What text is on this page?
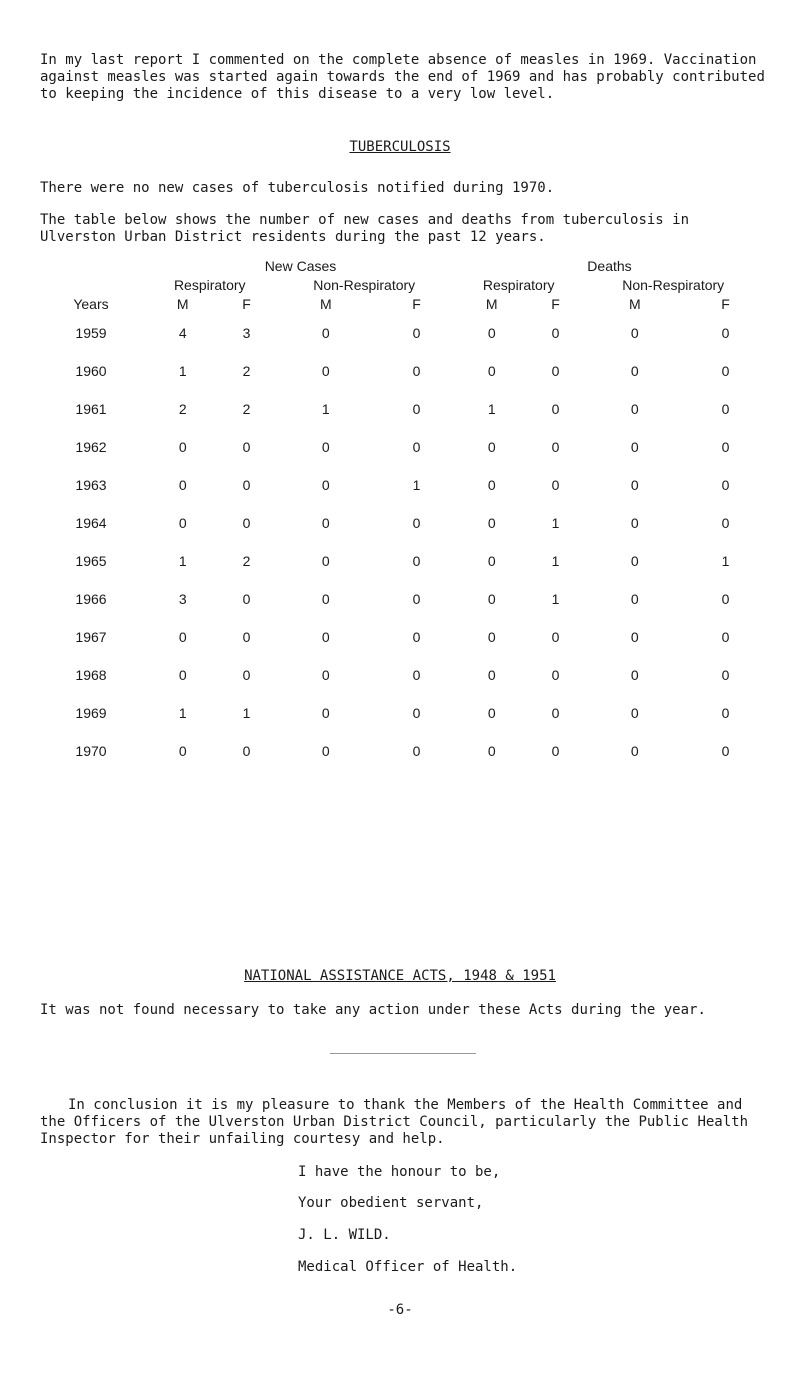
In my last report I commented on the complete absence of measles in 1969. Vaccination against measles was started again towards the end of 1969 and has probably contributed to keeping the incidence of this disease to a very low level.

TUBERCULOSIS

There were no new cases of tuberculosis notified during 1970.

The table below shows the number of new cases and deaths from tuberculosis in Ulverston Urban District residents during the past 12 years.

	New Cases				Deaths			
	Respiratory		Non-Respiratory		Respiratory		Non-Respiratory	
Years	M	F	M	F	M	F	M	F
1959	4	3	0	0	0	0	0	0
1960	1	2	0	0	0	0	0	0
1961	2	2	1	0	1	0	0	0
1962	0	0	0	0	0	0	0	0
1963	0	0	0	1	0	0	0	0
1964	0	0	0	0	0	1	0	0
1965	1	2	0	0	0	1	0	1
1966	3	0	0	0	0	1	0	0
1967	0	0	0	0	0	0	0	0
1968	0	0	0	0	0	0	0	0
1969	1	1	0	0	0	0	0	0
1970	0	0	0	0	0	0	0	0

NATIONAL ASSISTANCE ACTS, 1948 & 1951

It was not found necessary to take any action under these Acts during the year.

In conclusion it is my pleasure to thank the Members of the Health Committee and the Officers of the Ulverston Urban District Council, particularly the Public Health Inspector for their unfailing courtesy and help.

I have the honour to be,

Your obedient servant,

J. L. WILD.

Medical Officer of Health.

-6-
